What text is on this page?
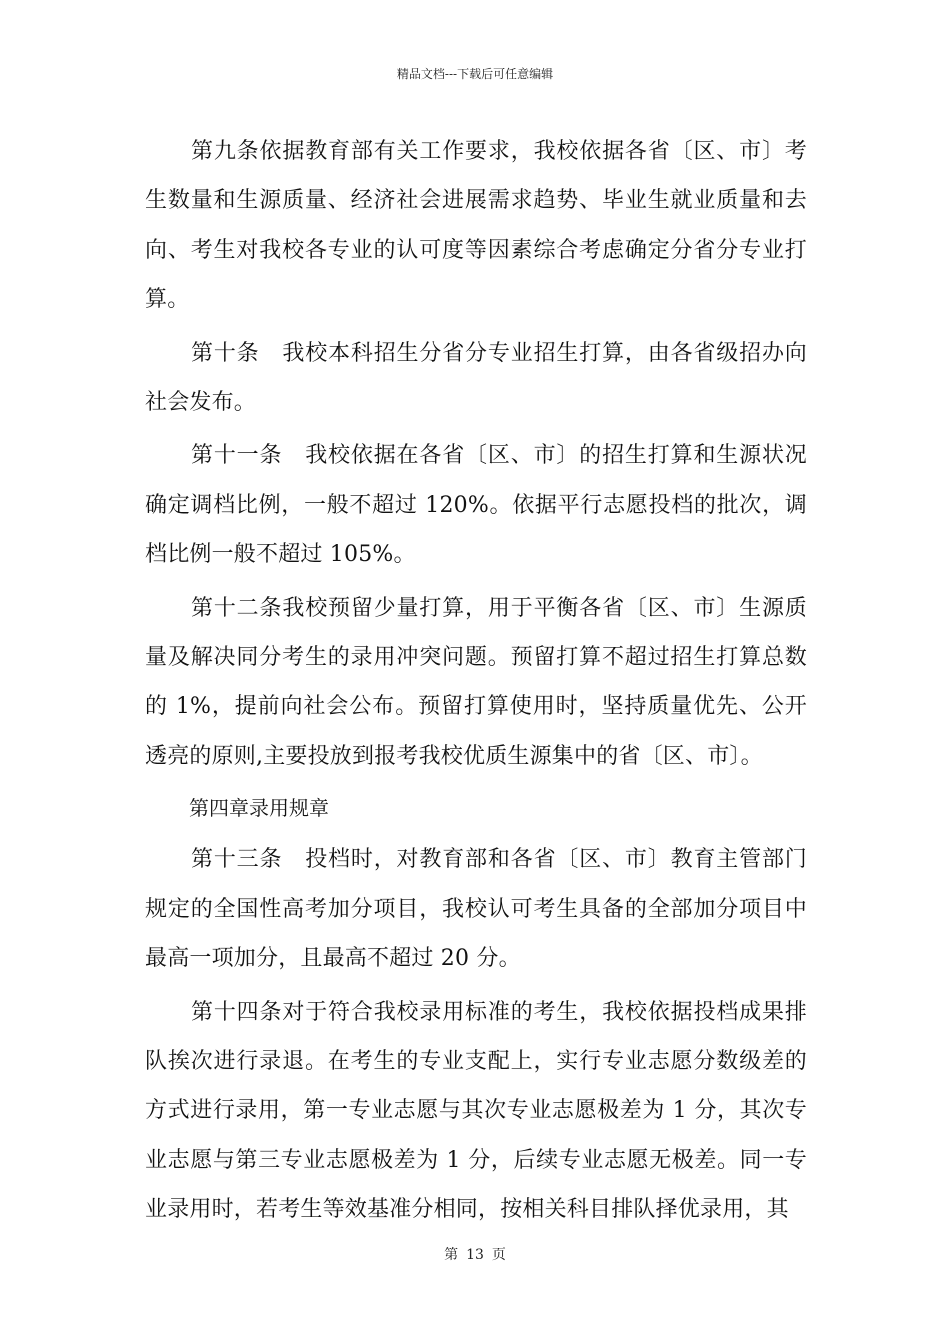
精品文档---下载后可任意编辑

第九条依据教育部有关工作要求，我校依据各省〔区、市〕考生数量和生源质量、经济社会进展需求趋势、毕业生就业质量和去向、考生对我校各专业的认可度等因素综合考虑确定分省分专业打算。

第十条　我校本科招生分省分专业招生打算，由各省级招办向社会发布。

第十一条　我校依据在各省〔区、市〕的招生打算和生源状况确定调档比例，一般不超过 120%。依据平行志愿投档的批次，调档比例一般不超过 105%。

第十二条我校预留少量打算，用于平衡各省〔区、市〕生源质量及解决同分考生的录用冲突问题。预留打算不超过招生打算总数的 1%，提前向社会公布。预留打算使用时，坚持质量优先、公开透亮的原则,主要投放到报考我校优质生源集中的省〔区、市〕。

第四章录用规章

第十三条　投档时，对教育部和各省〔区、市〕教育主管部门规定的全国性高考加分项目，我校认可考生具备的全部加分项目中最高一项加分，且最高不超过 20 分。

第十四条对于符合我校录用标准的考生，我校依据投档成果排队挨次进行录退。在考生的专业支配上，实行专业志愿分数级差的方式进行录用，第一专业志愿与其次专业志愿极差为 1 分，其次专业志愿与第三专业志愿极差为 1 分，后续专业志愿无极差。同一专业录用时，若考生等效基准分相同，按相关科目排队择优录用，其

第 13 页
